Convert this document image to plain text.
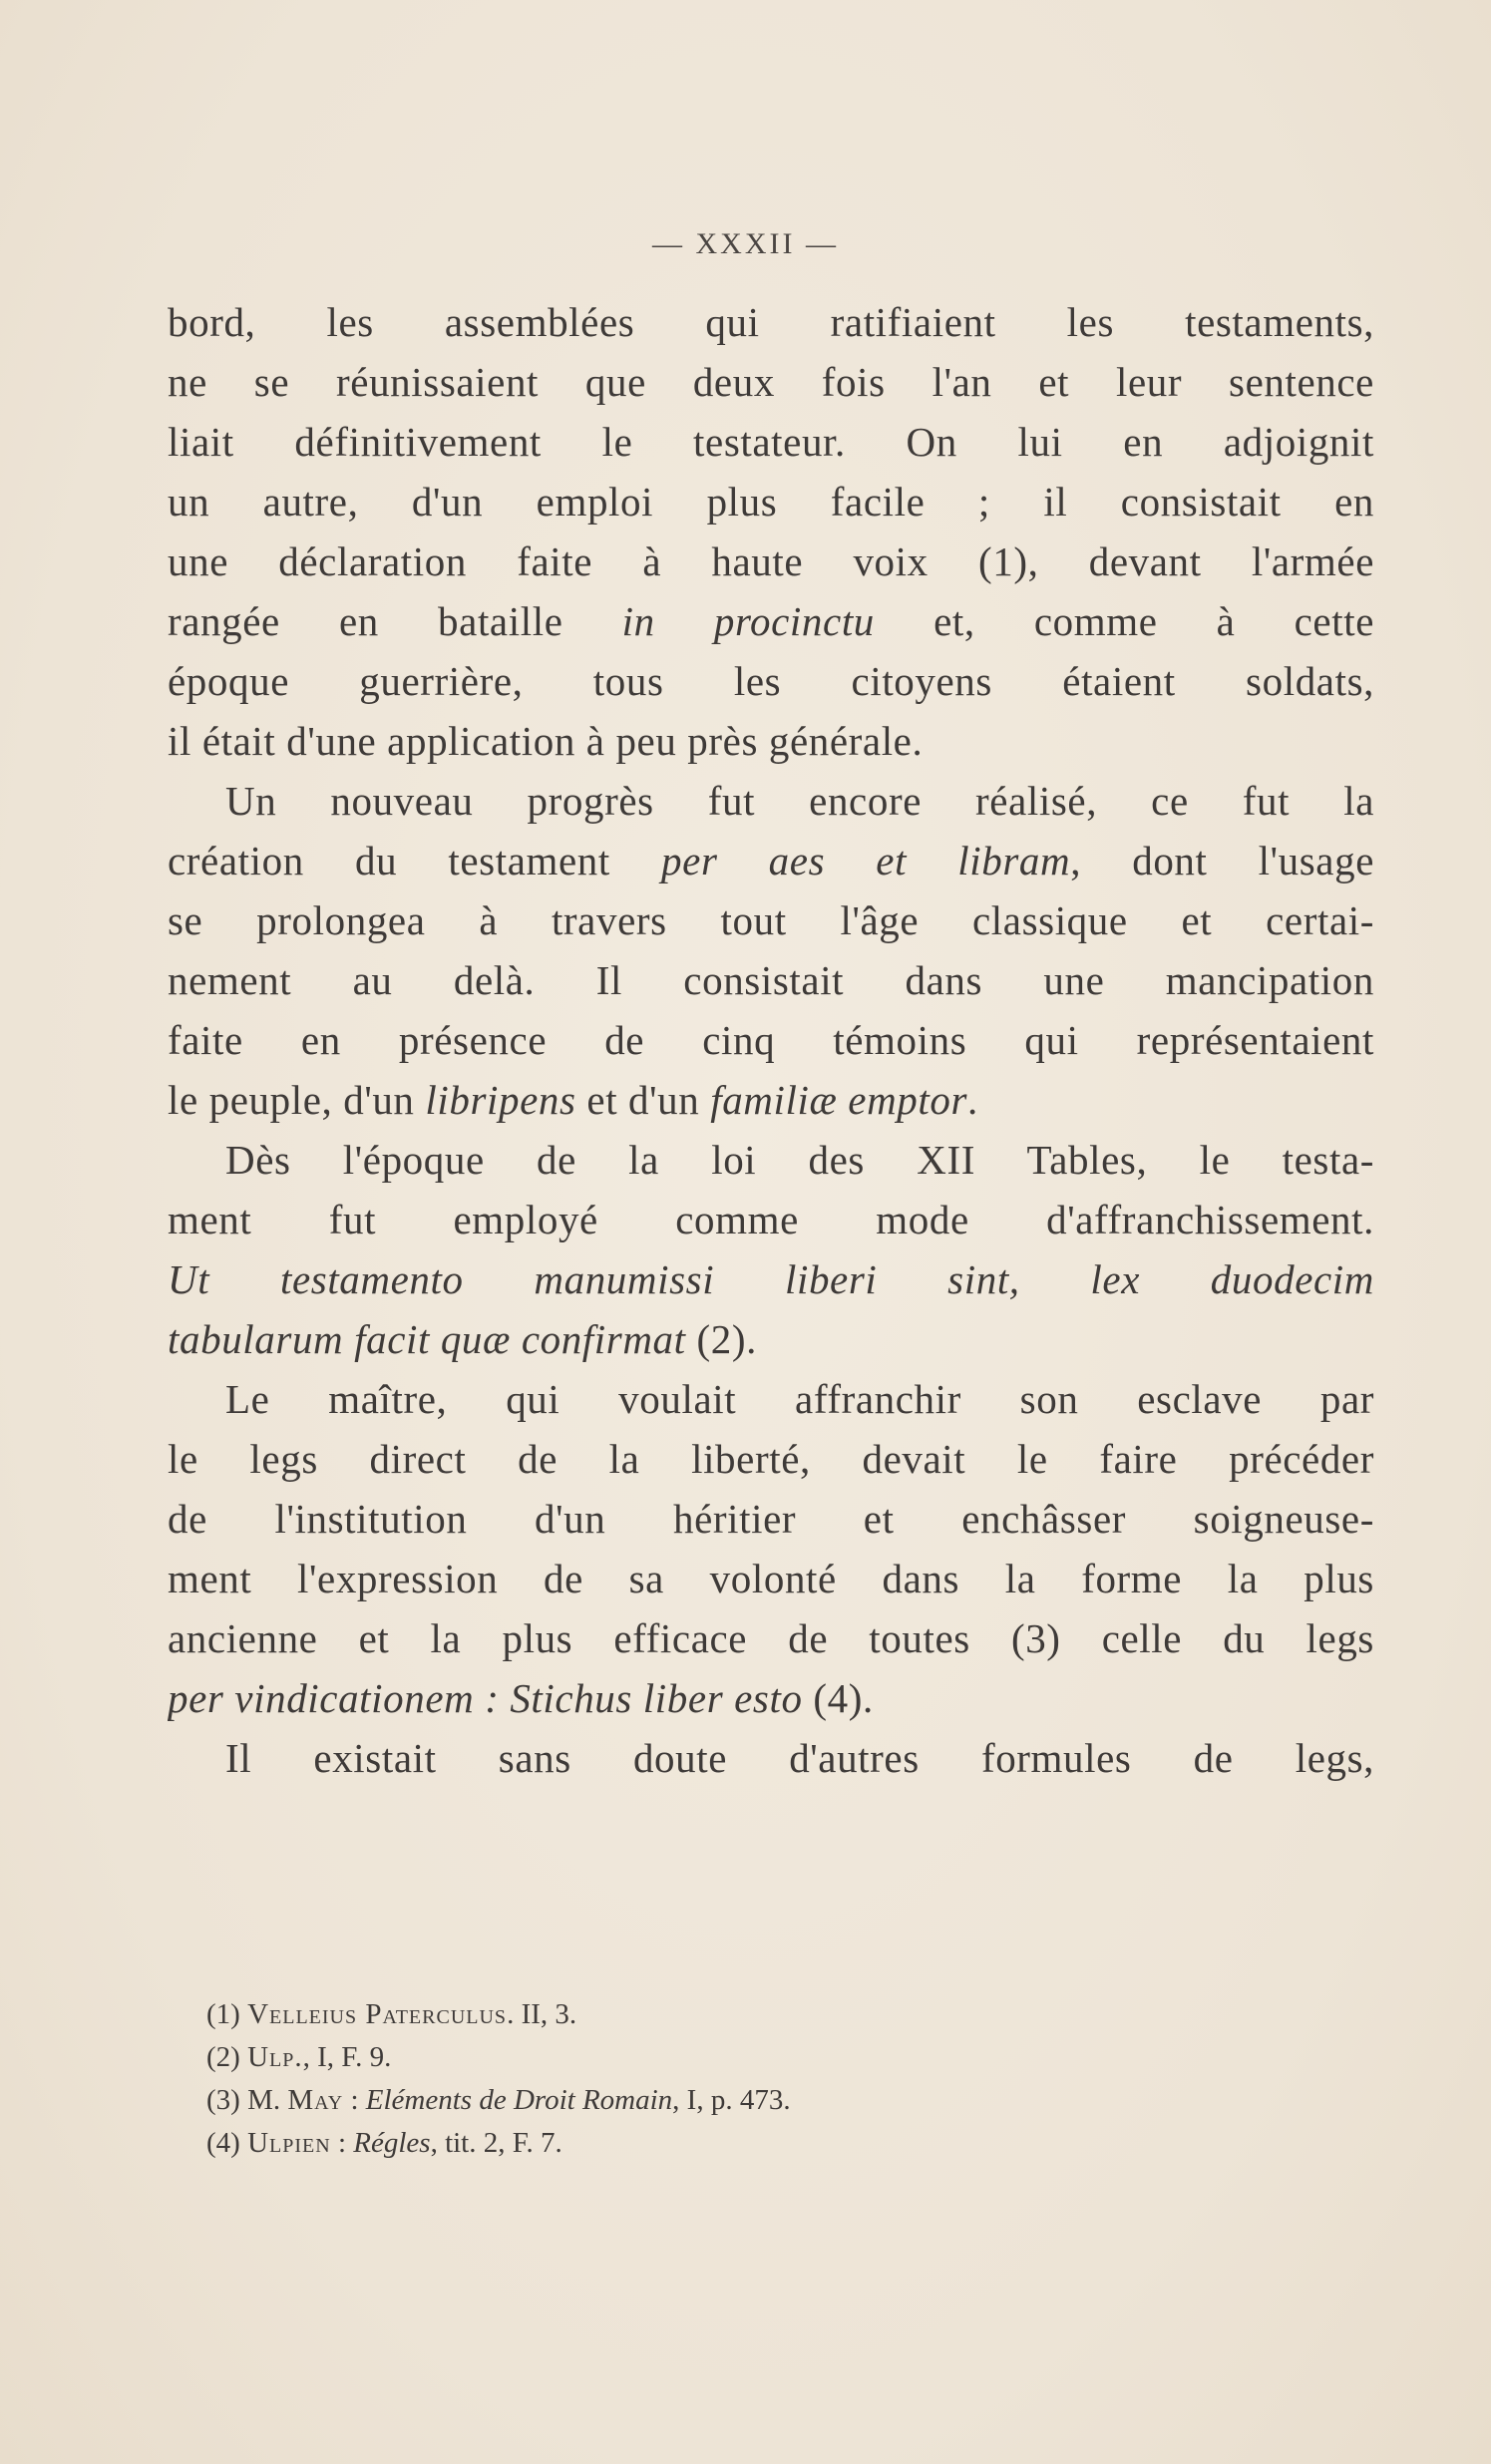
— XXXII —
bord, les assemblées qui ratifiaient les testaments,
ne se réunissaient que deux fois l'an et leur sentence
liait définitivement le testateur. On lui en adjoignit
un autre, d'un emploi plus facile ; il consistait en
une déclaration faite à haute voix (1), devant l'armée
rangée en bataille in procinctu et, comme à cette
époque guerrière, tous les citoyens étaient soldats,
il était d'une application à peu près générale.
Un nouveau progrès fut encore réalisé, ce fut la
création du testament per aes et libram, dont l'usage
se prolongea à travers tout l'âge classique et certai-
nement au delà. Il consistait dans une mancipation
faite en présence de cinq témoins qui représentaient
le peuple, d'un libripens et d'un familiæ emptor.
Dès l'époque de la loi des XII Tables, le testa-
ment fut employé comme mode d'affranchissement.
Ut testamento manumissi liberi sint, lex duodecim
tabularum facit quæ confirmat (2).
Le maître, qui voulait affranchir son esclave par
le legs direct de la liberté, devait le faire précéder
de l'institution d'un héritier et enchâsser soigneuse-
ment l'expression de sa volonté dans la forme la plus
ancienne et la plus efficace de toutes (3) celle du legs
per vindicationem : Stichus liber esto (4).
Il existait sans doute d'autres formules de legs,
(1) Velleius Paterculus. II, 3.
(2) Ulp., I, F. 9.
(3) M. May : Eléments de Droit Romain, I, p. 473.
(4) Ulpien : Régles, tit. 2, F. 7.
